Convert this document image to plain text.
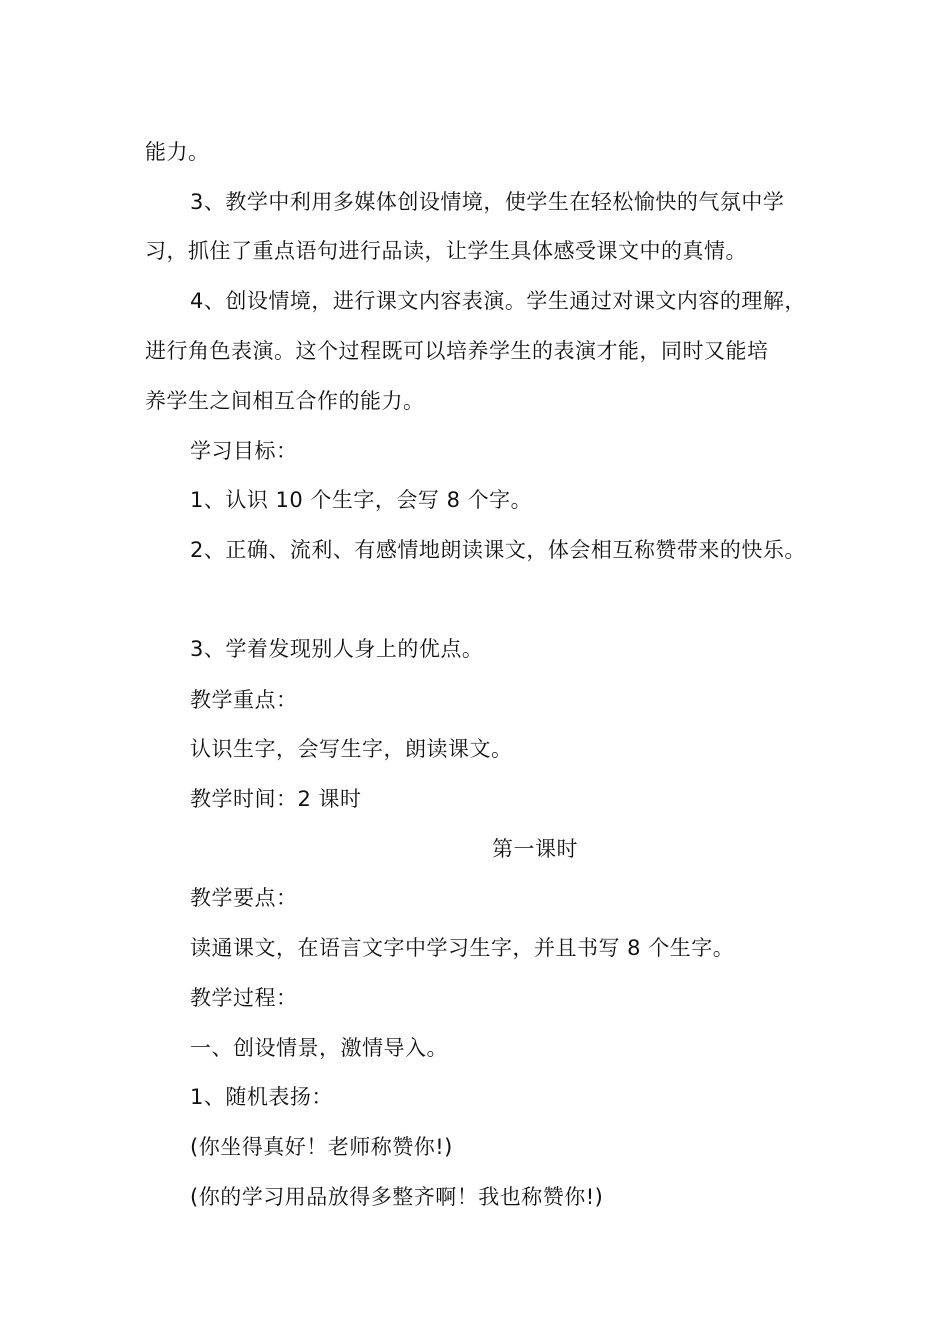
能力。
3、教学中利用多媒体创设情境，使学生在轻松愉快的气氛中学
习，抓住了重点语句进行品读，让学生具体感受课文中的真情。
4、创设情境，进行课文内容表演。学生通过对课文内容的理解，
进行角色表演。这个过程既可以培养学生的表演才能，同时又能培
养学生之间相互合作的能力。
学习目标：
1、认识 10 个生字，会写 8 个字。
2、正确、流利、有感情地朗读课文，体会相互称赞带来的快乐。
3、学着发现别人身上的优点。
教学重点：
认识生字，会写生字，朗读课文。
教学时间：2 课时
第一课时
教学要点：
读通课文，在语言文字中学习生字，并且书写 8 个生字。
教学过程：
一、创设情景，激情导入。
1、随机表扬：
(你坐得真好！老师称赞你!)
(你的学习用品放得多整齐啊！我也称赞你!)
